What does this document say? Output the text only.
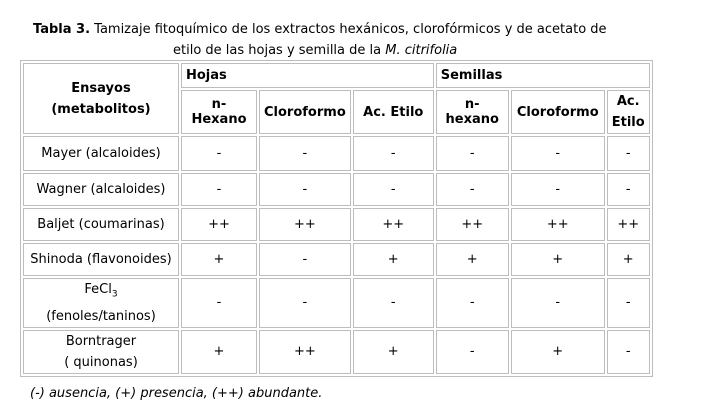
Tabla 3. Tamizaje fitoquímico de los extractos hexánicos, clorofórmicos y de acetato de
etilo de las hojas y semilla de la M. citrifolia
Ensayos
(metabolitos)	Hojas			Semillas		
	n-Hexano	Cloroformo	Ac. Etilo	n-hexano	Cloroformo	Ac.
Etilo

Mayer (alcaloides)	-	-	-	-	-	-
Wagner (alcaloides)	-	-	-	-	-	-
Baljet (coumarinas)	++	++	++	++	++	++
Shinoda (flavonoides)	+	-	+	+	+	+

FeCl$_3$
(fenoles/taninos)	-	-	-	-	-	-

Borntrager
( quinonas)	+	++	+	-	+	-
(-) ausencia, (+) presencia, (++) abundante.
